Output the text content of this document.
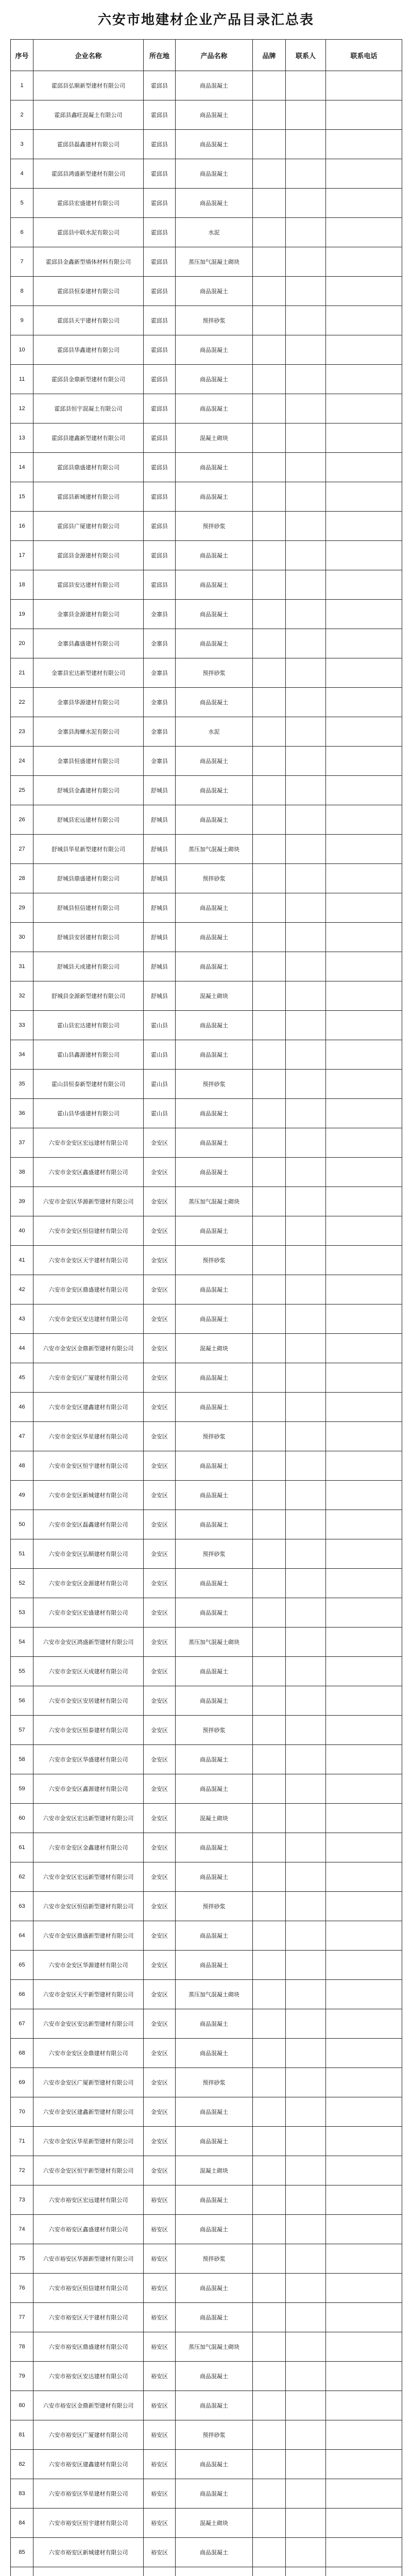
六安市地建材企业产品目录汇总表
序号	企业名称	所在地	产品名称	品牌	联系人	联系电话
1	霍邱县弘顺新型建材有限公司	霍邱县	商品混凝土			
2	霍邱县鑫旺混凝土有限公司	霍邱县	商品混凝土			
3	霍邱县磊鑫建材有限公司	霍邱县	商品混凝土			
4	霍邱县鸿盛新型建材有限公司	霍邱县	商品混凝土			
5	霍邱县宏盛建材有限公司	霍邱县	商品混凝土			
6	霍邱县中联水泥有限公司	霍邱县	水泥			
7	霍邱县金鑫新型墙体材料有限公司	霍邱县	蒸压加气混凝土砌块			
8	霍邱县恒泰建材有限公司	霍邱县	商品混凝土			
9	霍邱县天宇建材有限公司	霍邱县	预拌砂浆			
10	霍邱县华鑫建材有限公司	霍邱县	商品混凝土			
11	霍邱县金鼎新型建材有限公司	霍邱县	商品混凝土			
12	霍邱县恒宇混凝土有限公司	霍邱县	商品混凝土			
13	霍邱县建鑫新型建材有限公司	霍邱县	混凝土砌块			
14	霍邱县鼎盛建材有限公司	霍邱县	商品混凝土			
15	霍邱县新城建材有限公司	霍邱县	商品混凝土			
16	霍邱县广厦建材有限公司	霍邱县	预拌砂浆			
17	霍邱县金源建材有限公司	霍邱县	商品混凝土			
18	霍邱县安达建材有限公司	霍邱县	商品混凝土			
19	金寨县金源建材有限公司	金寨县	商品混凝土			
20	金寨县鑫盛建材有限公司	金寨县	商品混凝土			
21	金寨县宏达新型建材有限公司	金寨县	预拌砂浆			
22	金寨县华源建材有限公司	金寨县	商品混凝土			
23	金寨县海螺水泥有限公司	金寨县	水泥			
24	金寨县恒盛建材有限公司	金寨县	商品混凝土			
25	舒城县金鑫建材有限公司	舒城县	商品混凝土			
26	舒城县宏远建材有限公司	舒城县	商品混凝土			
27	舒城县华星新型建材有限公司	舒城县	蒸压加气混凝土砌块			
28	舒城县鼎盛建材有限公司	舒城县	预拌砂浆			
29	舒城县恒信建材有限公司	舒城县	商品混凝土			
30	舒城县安居建材有限公司	舒城县	商品混凝土			
31	舒城县天成建材有限公司	舒城县	商品混凝土			
32	舒城县金源新型建材有限公司	舒城县	混凝土砌块			
33	霍山县宏达建材有限公司	霍山县	商品混凝土			
34	霍山县鑫源建材有限公司	霍山县	商品混凝土			
35	霍山县恒泰新型建材有限公司	霍山县	预拌砂浆			
36	霍山县华盛建材有限公司	霍山县	商品混凝土			
37	六安市金安区宏远建材有限公司	金安区	商品混凝土			
38	六安市金安区鑫盛建材有限公司	金安区	商品混凝土			
39	六安市金安区华源新型建材有限公司	金安区	蒸压加气混凝土砌块			
40	六安市金安区恒信建材有限公司	金安区	商品混凝土			
41	六安市金安区天宇建材有限公司	金安区	预拌砂浆			
42	六安市金安区鼎盛建材有限公司	金安区	商品混凝土			
43	六安市金安区安达建材有限公司	金安区	商品混凝土			
44	六安市金安区金鼎新型建材有限公司	金安区	混凝土砌块			
45	六安市金安区广厦建材有限公司	金安区	商品混凝土			
46	六安市金安区建鑫建材有限公司	金安区	商品混凝土			
47	六安市金安区华星建材有限公司	金安区	预拌砂浆			
48	六安市金安区恒宇建材有限公司	金安区	商品混凝土			
49	六安市金安区新城建材有限公司	金安区	商品混凝土			
50	六安市金安区磊鑫建材有限公司	金安区	商品混凝土			
51	六安市金安区弘顺建材有限公司	金安区	预拌砂浆			
52	六安市金安区金源建材有限公司	金安区	商品混凝土			
53	六安市金安区宏盛建材有限公司	金安区	商品混凝土			
54	六安市金安区鸿盛新型建材有限公司	金安区	蒸压加气混凝土砌块			
55	六安市金安区天成建材有限公司	金安区	商品混凝土			
56	六安市金安区安居建材有限公司	金安区	商品混凝土			
57	六安市金安区恒泰建材有限公司	金安区	预拌砂浆			
58	六安市金安区华盛建材有限公司	金安区	商品混凝土			
59	六安市金安区鑫源建材有限公司	金安区	商品混凝土			
60	六安市金安区宏达新型建材有限公司	金安区	混凝土砌块			
61	六安市金安区金鑫建材有限公司	金安区	商品混凝土			
62	六安市金安区宏远新型建材有限公司	金安区	商品混凝土			
63	六安市金安区恒信新型建材有限公司	金安区	预拌砂浆			
64	六安市金安区鼎盛新型建材有限公司	金安区	商品混凝土			
65	六安市金安区华源建材有限公司	金安区	商品混凝土			
66	六安市金安区天宇新型建材有限公司	金安区	蒸压加气混凝土砌块			
67	六安市金安区安达新型建材有限公司	金安区	商品混凝土			
68	六安市金安区金鼎建材有限公司	金安区	商品混凝土			
69	六安市金安区广厦新型建材有限公司	金安区	预拌砂浆			
70	六安市金安区建鑫新型建材有限公司	金安区	商品混凝土			
71	六安市金安区华星新型建材有限公司	金安区	商品混凝土			
72	六安市金安区恒宇新型建材有限公司	金安区	混凝土砌块			
73	六安市裕安区宏远建材有限公司	裕安区	商品混凝土			
74	六安市裕安区鑫盛建材有限公司	裕安区	商品混凝土			
75	六安市裕安区华源新型建材有限公司	裕安区	预拌砂浆			
76	六安市裕安区恒信建材有限公司	裕安区	商品混凝土			
77	六安市裕安区天宇建材有限公司	裕安区	商品混凝土			
78	六安市裕安区鼎盛建材有限公司	裕安区	蒸压加气混凝土砌块			
79	六安市裕安区安达建材有限公司	裕安区	商品混凝土			
80	六安市裕安区金鼎新型建材有限公司	裕安区	商品混凝土			
81	六安市裕安区广厦建材有限公司	裕安区	预拌砂浆			
82	六安市裕安区建鑫建材有限公司	裕安区	商品混凝土			
83	六安市裕安区华星建材有限公司	裕安区	商品混凝土			
84	六安市裕安区恒宇建材有限公司	裕安区	混凝土砌块			
85	六安市裕安区新城建材有限公司	裕安区	商品混凝土			
